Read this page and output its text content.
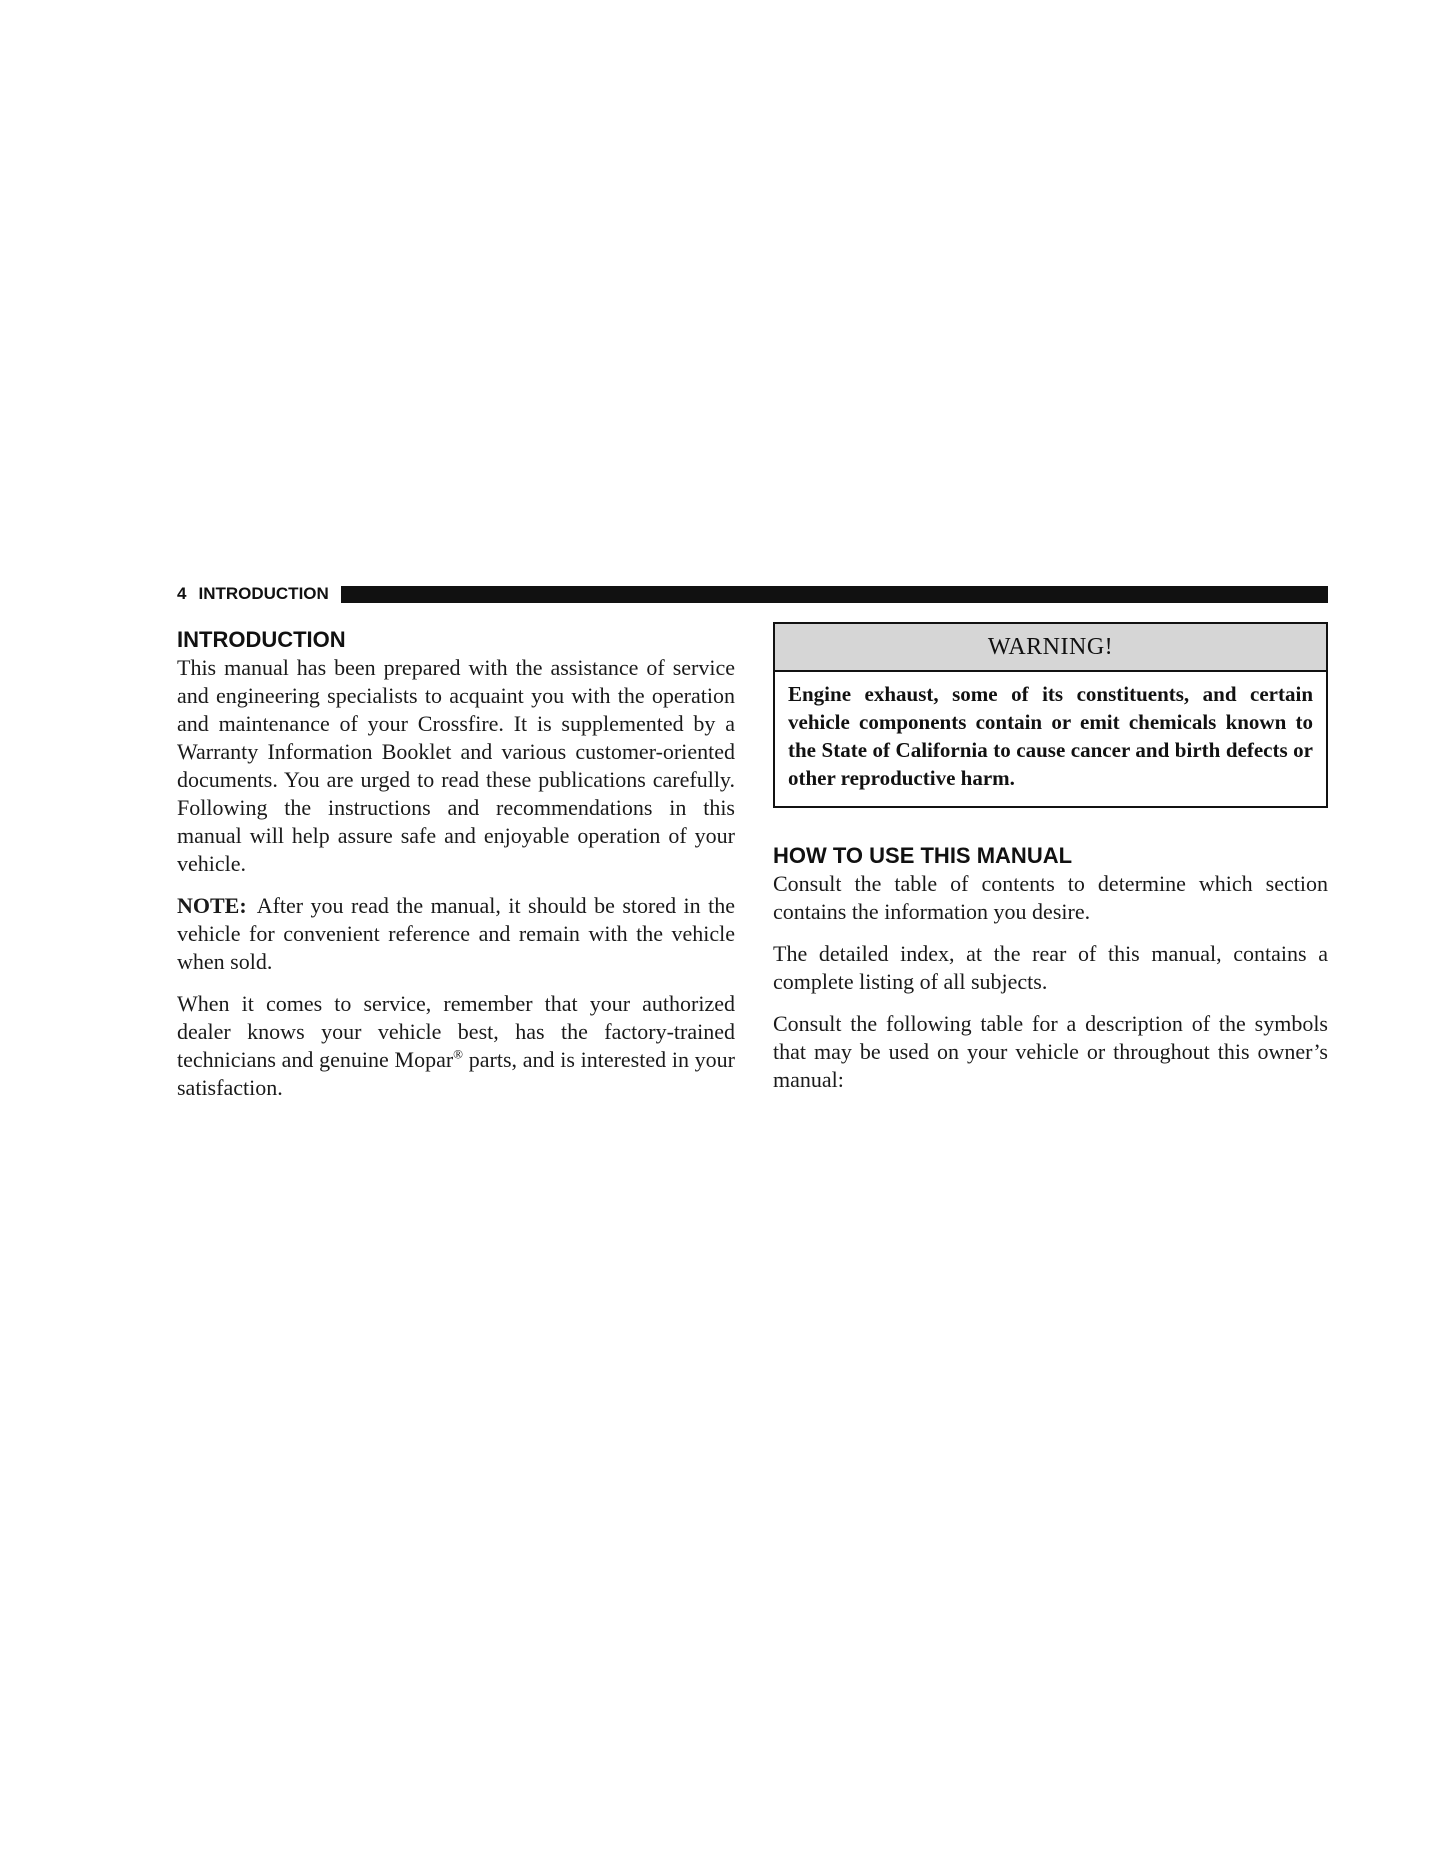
4 INTRODUCTION
INTRODUCTION

This manual has been prepared with the assistance of service and engineering specialists to acquaint you with the operation and maintenance of your Crossfire. It is supplemented by a Warranty Information Booklet and various customer-oriented documents. You are urged to read these publications carefully. Following the instructions and recommendations in this manual will help assure safe and enjoyable operation of your vehicle.

NOTE: After you read the manual, it should be stored in the vehicle for convenient reference and remain with the vehicle when sold.

When it comes to service, remember that your authorized dealer knows your vehicle best, has the factory-trained technicians and genuine Mopar® parts, and is interested in your satisfaction.

WARNING!
Engine exhaust, some of its constituents, and certain vehicle components contain or emit chemicals known to the State of California to cause cancer and birth defects or other reproductive harm.
HOW TO USE THIS MANUAL

Consult the table of contents to determine which section contains the information you desire.

The detailed index, at the rear of this manual, contains a complete listing of all subjects.

Consult the following table for a description of the symbols that may be used on your vehicle or throughout this owner’s manual:
